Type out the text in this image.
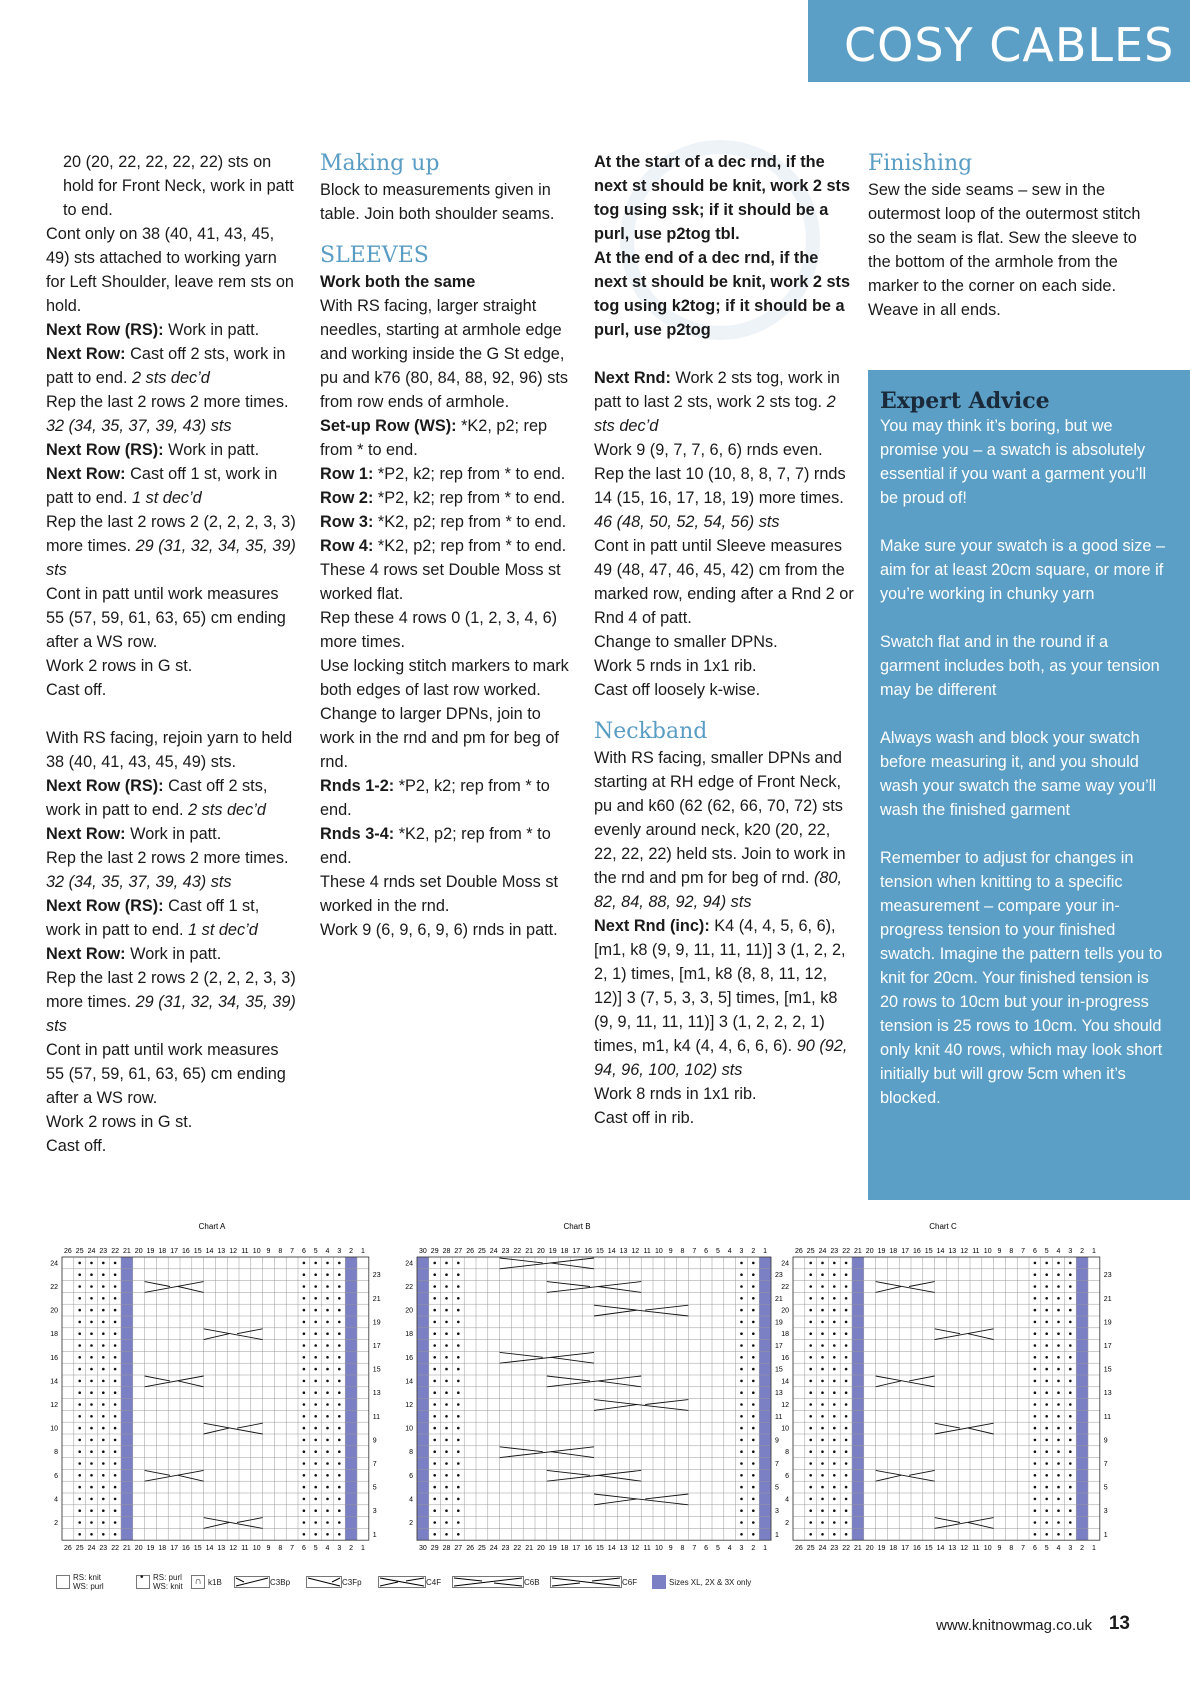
COSY CABLES

20 (20, 22, 22, 22, 22) sts on hold for Front Neck, work in patt to end.

Cont only on 38 (40, 41, 43, 45, 49) sts attached to working yarn for Left Shoulder, leave rem sts on hold.

Next Row (RS): Work in patt.

Next Row: Cast off 2 sts, work in patt to end. 2 sts dec’d

Rep the last 2 rows 2 more times. 32 (34, 35, 37, 39, 43) sts

Next Row (RS): Work in patt.

Next Row: Cast off 1 st, work in patt to end. 1 st dec’d

Rep the last 2 rows 2 (2, 2, 2, 3, 3) more times. 29 (31, 32, 34, 35, 39) sts

Cont in patt until work measures 55 (57, 59, 61, 63, 65) cm ending after a WS row.

Work 2 rows in G st.

Cast off.

With RS facing, rejoin yarn to held 38 (40, 41, 43, 45, 49) sts.

Next Row (RS): Cast off 2 sts, work in patt to end. 2 sts dec’d

Next Row: Work in patt.

Rep the last 2 rows 2 more times. 32 (34, 35, 37, 39, 43) sts

Next Row (RS): Cast off 1 st, work in patt to end. 1 st dec’d

Next Row: Work in patt.

Rep the last 2 rows 2 (2, 2, 2, 3, 3) more times. 29 (31, 32, 34, 35, 39) sts

Cont in patt until work measures 55 (57, 59, 61, 63, 65) cm ending after a WS row.

Work 2 rows in G st.

Cast off.

Making up

Block to measurements given in table. Join both shoulder seams.

SLEEVES

Work both the same

With RS facing, larger straight needles, starting at armhole edge and working inside the G St edge, pu and k76 (80, 84, 88, 92, 96) sts from row ends of armhole.

Set-up Row (WS): *K2, p2; rep from * to end.

Row 1: *P2, k2; rep from * to end.

Row 2: *P2, k2; rep from * to end.

Row 3: *K2, p2; rep from * to end.

Row 4: *K2, p2; rep from * to end.

These 4 rows set Double Moss st worked flat.

Rep these 4 rows 0 (1, 2, 3, 4, 6) more times.

Use locking stitch markers to mark both edges of last row worked.

Change to larger DPNs, join to work in the rnd and pm for beg of rnd.

Rnds 1-2: *P2, k2; rep from * to end.

Rnds 3-4: *K2, p2; rep from * to end.

These 4 rnds set Double Moss st worked in the rnd.

Work 9 (6, 9, 6, 9, 6) rnds in patt.

At the start of a dec rnd, if the next st should be knit, work 2 sts tog using ssk; if it should be a purl, use p2tog tbl.

At the end of a dec rnd, if the next st should be knit, work 2 sts tog using k2tog; if it should be a purl, use p2tog

Next Rnd: Work 2 sts tog, work in patt to last 2 sts, work 2 sts tog. 2 sts dec’d

Work 9 (9, 7, 7, 6, 6) rnds even.

Rep the last 10 (10, 8, 8, 7, 7) rnds 14 (15, 16, 17, 18, 19) more times. 46 (48, 50, 52, 54, 56) sts

Cont in patt until Sleeve measures 49 (48, 47, 46, 45, 42) cm from the marked row, ending after a Rnd 2 or Rnd 4 of patt.

Change to smaller DPNs.

Work 5 rnds in 1x1 rib.

Cast off loosely k-wise.

Neckband

With RS facing, smaller DPNs and starting at RH edge of Front Neck, pu and k60 (62 (62, 66, 70, 72) sts evenly around neck, k20 (20, 22, 22, 22, 22) held sts. Join to work in the rnd and pm for beg of rnd. (80, 82, 84, 88, 92, 94) sts

Next Rnd (inc): K4 (4, 4, 5, 6, 6), [m1, k8 (9, 9, 11, 11, 11)] 3 (1, 2, 2, 2, 1) times, [m1, k8 (8, 8, 11, 12, 12)] 3 (7, 5, 3, 3, 5] times, [m1, k8 (9, 9, 11, 11, 11)] 3 (1, 2, 2, 2, 1) times, m1, k4 (4, 4, 6, 6, 6). 90 (92, 94, 96, 100, 102) sts

Work 8 rnds in 1x1 rib.

Cast off in rib.

Finishing

Sew the side seams – sew in the outermost loop of the outermost stitch so the seam is flat. Sew the sleeve to the bottom of the armhole from the marker to the corner on each side. Weave in all ends.

Expert Advice

You may think it’s boring, but we promise you – a swatch is absolutely essential if you want a garment you’ll be proud of!

Make sure your swatch is a good size – aim for at least 20cm square, or more if you’re working in chunky yarn

Swatch flat and in the round if a garment includes both, as your tension may be different

Always wash and block your swatch before measuring it, and you should wash your swatch the same way you’ll wash the finished garment

Remember to adjust for changes in tension when knitting to a specific measurement – compare your in-progress tension to your finished swatch. Imagine the pattern tells you to knit for 20cm. Your finished tension is 20 rows to 10cm but your in-progress tension is 25 rows to 10cm. You should only knit 40 rows, which may look short initially but will grow 5cm when it’s blocked.

Chart A	Chart B	Chart C
26
26
25
25
24
24
23
23
22
22
21
21
20
20
19
19
18
18
17
17
16
16
15
15
14
14
13
13
12
12
11
11
10
10
9
9
8
8
7
7
6
6
5
5
4
4
3
3
2
2
1
1
24
23
22
21
20
19
18
17
16
15
14
13
12
11
10
9
8
7
6
5
4
3
2
1
30
30
29
29
28
28
27
27
26
26
25
25
24
24
23
23
22
22
21
21
20
20
19
19
18
18
17
17
16
16
15
15
14
14
13
13
12
12
11
11
10
10
9
9
8
8
7
7
6
6
5
5
4
4
3
3
2
2
1
1
24
23
22
21
20
19
18
17
16
15
14
13
12
11
10
9
8
7
6
5
4
3
2
1
26
26
25
25
24
24
23
23
22
22
21
21
20
20
19
19
18
18
17
17
16
16
15
15
14
14
13
13
12
12
11
11
10
10
9
9
8
8
7
7
6
6
5
5
4
4
3
3
2
2
1
1
24
23
22
21
20
19
18
17
16
15
14
13
12
11
10
9
8
7
6
5
4
3
2
1
RS: knit
WS: purl
• RS: purl
WS: knit	∩ k1B	C3Bp	C3Fp	C4F	C6B	C6F	Sizes XL, 2X & 3X only
www.knitnowmag.co.uk 13
